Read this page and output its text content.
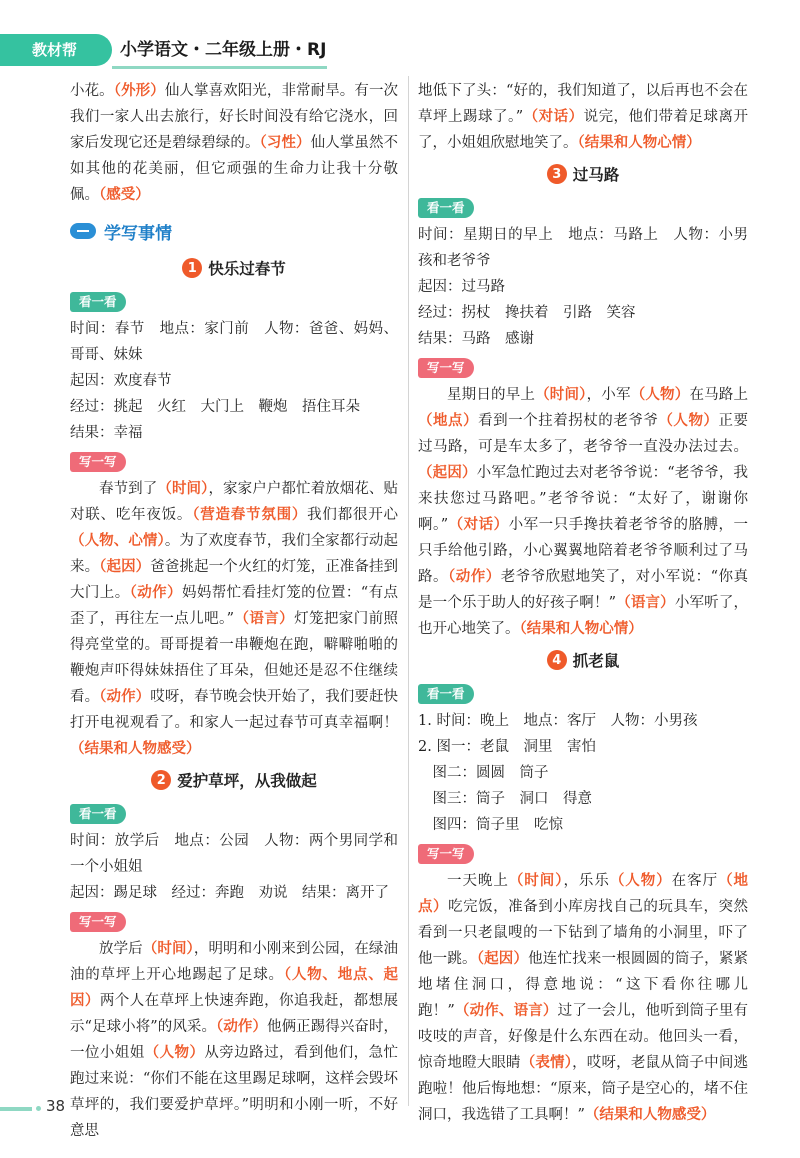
教材帮	小学语文・二年级上册・RJ

小花。（外形）仙人掌喜欢阳光，非常耐旱。有一次我们一家人出去旅行，好长时间没有给它浇水，回家后发现它还是碧绿碧绿的。（习性）仙人掌虽然不如其他的花美丽，但它顽强的生命力让我十分敬佩。（感受）

学写事情
1 快乐过春节
看一看

时间：春节　地点：家门前　人物：爸爸、妈妈、哥哥、妹妹

起因：欢度春节

经过：挑起　火红　大门上　鞭炮　捂住耳朵

结果：幸福

写一写

春节到了（时间），家家户户都忙着放烟花、贴对联、吃年夜饭。（营造春节氛围）我们都很开心（人物、心情）。为了欢度春节，我们全家都行动起来。（起因）爸爸挑起一个火红的灯笼，正准备挂到大门上。（动作）妈妈帮忙看挂灯笼的位置：“有点歪了，再往左一点儿吧。”（语言）灯笼把家门前照得亮堂堂的。哥哥提着一串鞭炮在跑，噼噼啪啪的鞭炮声吓得妹妹捂住了耳朵，但她还是忍不住继续看。（动作）哎呀，春节晚会快开始了，我们要赶快打开电视观看了。和家人一起过春节可真幸福啊！（结果和人物感受）

2 爱护草坪，从我做起
看一看

时间：放学后　地点：公园　人物：两个男同学和一个小姐姐

起因：踢足球　经过：奔跑　劝说　结果：离开了

写一写

放学后（时间），明明和小刚来到公园，在绿油油的草坪上开心地踢起了足球。（人物、地点、起因）两个人在草坪上快速奔跑，你追我赶，都想展示“足球小将”的风采。（动作）他俩正踢得兴奋时，一位小姐姐（人物）从旁边路过，看到他们，急忙跑过来说：“你们不能在这里踢足球啊，这样会毁坏草坪的，我们要爱护草坪。”明明和小刚一听，不好意思

地低下了头：“好的，我们知道了，以后再也不会在草坪上踢球了。”（对话）说完，他们带着足球离开了，小姐姐欣慰地笑了。（结果和人物心情）

3 过马路
看一看

时间：星期日的早上　地点：马路上　人物：小男孩和老爷爷

起因：过马路

经过：拐杖　搀扶着　引路　笑容

结果：马路　感谢

写一写

星期日的早上（时间），小军（人物）在马路上（地点）看到一个拄着拐杖的老爷爷（人物）正要过马路，可是车太多了，老爷爷一直没办法过去。（起因）小军急忙跑过去对老爷爷说：“老爷爷，我来扶您过马路吧。”老爷爷说：“太好了，谢谢你啊。”（对话）小军一只手搀扶着老爷爷的胳膊，一只手给他引路，小心翼翼地陪着老爷爷顺利过了马路。（动作）老爷爷欣慰地笑了，对小军说：“你真是一个乐于助人的好孩子啊！”（语言）小军听了，也开心地笑了。（结果和人物心情）

4 抓老鼠
看一看

1. 时间：晚上　地点：客厅　人物：小男孩

2. 图一：老鼠　洞里　害怕

　图二：圆圆　筒子

　图三：筒子　洞口　得意

　图四：筒子里　吃惊

写一写

一天晚上（时间），乐乐（人物）在客厅（地点）吃完饭，准备到小库房找自己的玩具车，突然看到一只老鼠嗖的一下钻到了墙角的小洞里，吓了他一跳。（起因）他连忙找来一根圆圆的筒子，紧紧地堵住洞口，得意地说：“这下看你往哪儿跑！”（动作、语言）过了一会儿，他听到筒子里有吱吱的声音，好像是什么东西在动。他回头一看，惊奇地瞪大眼睛（表情），哎呀，老鼠从筒子中间逃跑啦！他后悔地想：“原来，筒子是空心的，堵不住洞口，我选错了工具啊！”（结果和人物感受）

38
